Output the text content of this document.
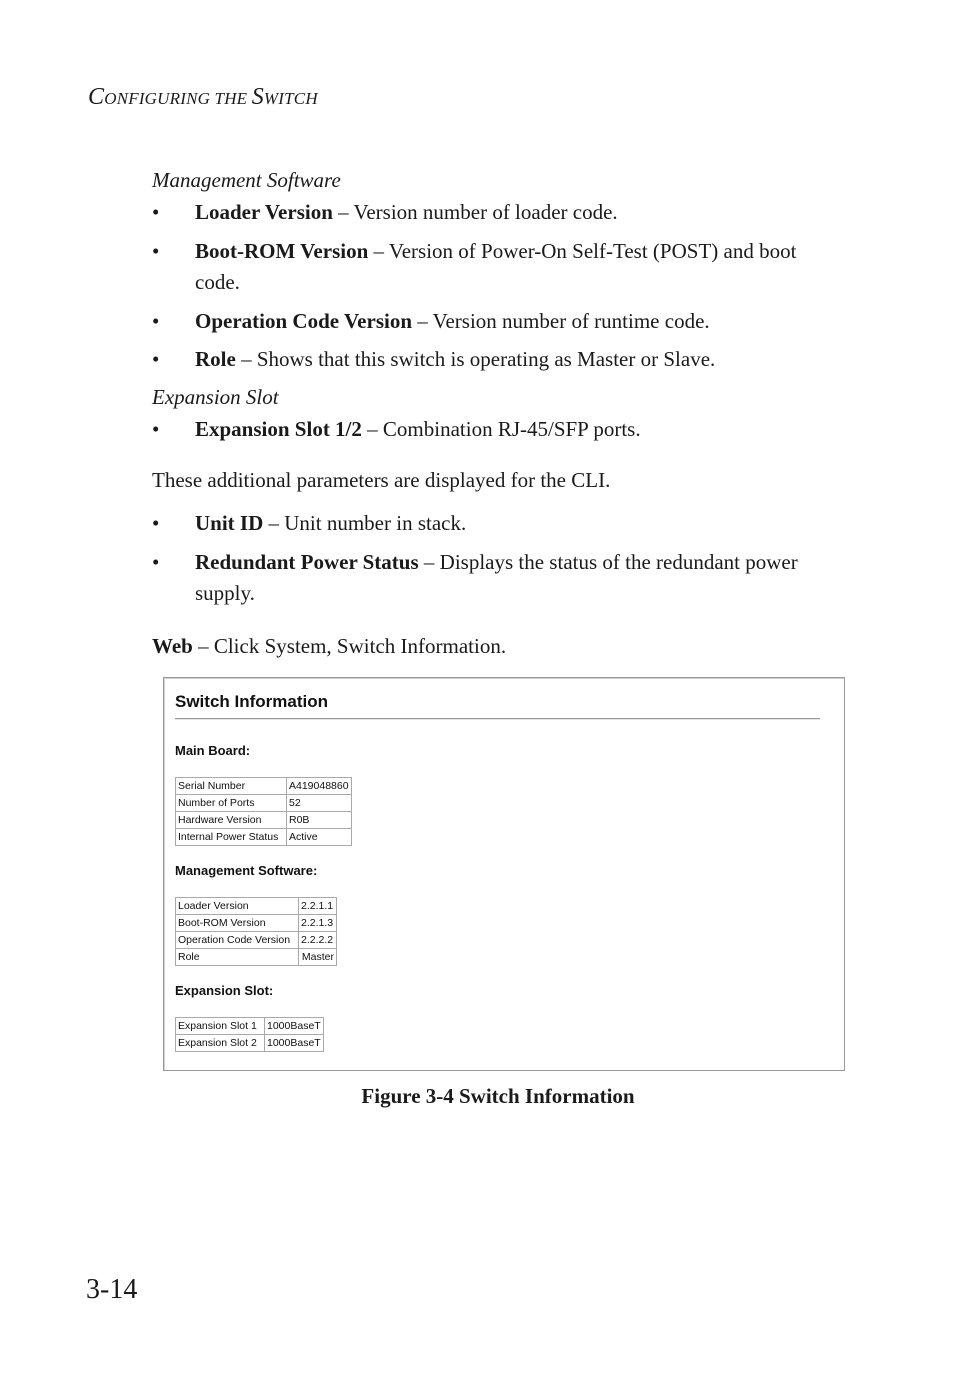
CONFIGURING THE SWITCH
Management Software
• Loader Version – Version number of loader code.
• Boot-ROM Version – Version of Power-On Self-Test (POST) and boot code.
• Operation Code Version – Version number of runtime code.
• Role – Shows that this switch is operating as Master or Slave.
Expansion Slot
• Expansion Slot 1/2 – Combination RJ-45/SFP ports.
These additional parameters are displayed for the CLI.
• Unit ID – Unit number in stack.
• Redundant Power Status – Displays the status of the redundant power supply.
Web – Click System, Switch Information.
Switch Information
Main Board:
Serial Number	A419048860
Number of Ports	52
Hardware Version	R0B
Internal Power Status	Active
Management Software:
Loader Version	2.2.1.1
Boot-ROM Version	2.2.1.3
Operation Code Version	2.2.2.2
Role	Master
Expansion Slot:
Expansion Slot 1	1000BaseT
Expansion Slot 2	1000BaseT
Figure 3-4 Switch Information
3-14
